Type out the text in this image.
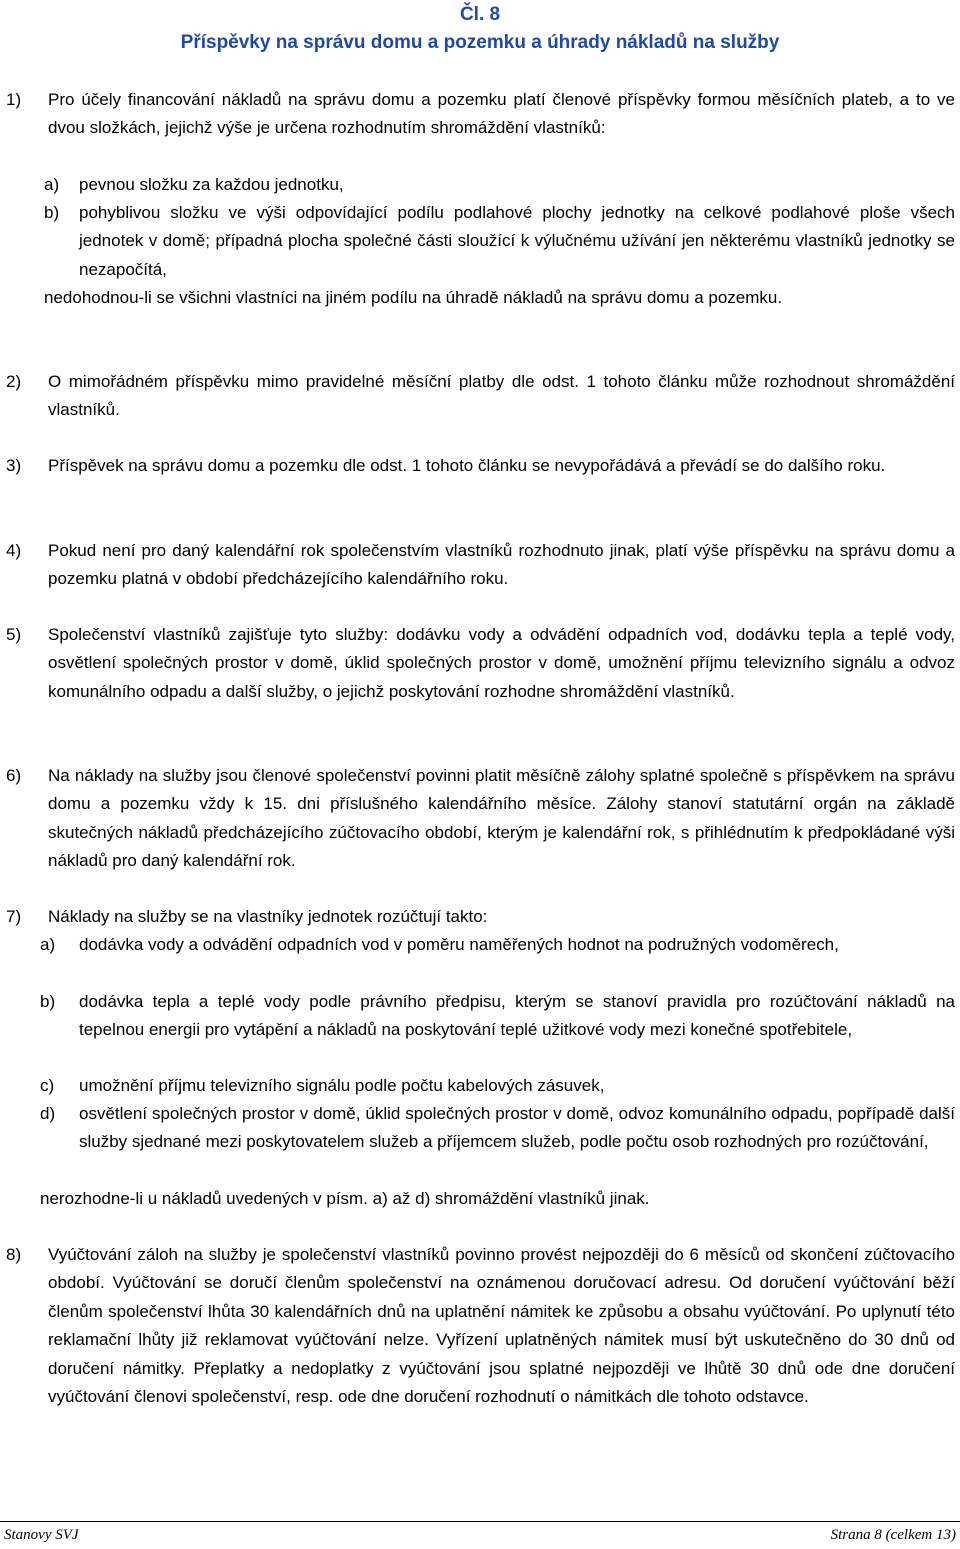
Čl. 8
Příspěvky na správu domu a pozemku a úhrady nákladů na služby
1) Pro účely financování nákladů na správu domu a pozemku platí členové příspěvky formou měsíčních plateb, a to ve dvou složkách, jejichž výše je určena rozhodnutím shromáždění vlastníků:

a) pevnou složku za každou jednotku,

b) pohyblivou složku ve výši odpovídající podílu podlahové plochy jednotky na celkové podlahové ploše všech jednotek v domě; případná plocha společné části sloužící k výlučnému užívání jen některému vlastníků jednotky se nezapočítá,

nedohodnou-li se všichni vlastníci na jiném podílu na úhradě nákladů na správu domu a pozemku.

2) O mimořádném příspěvku mimo pravidelné měsíční platby dle odst. 1 tohoto článku může rozhodnout shromáždění vlastníků.

3) Příspěvek na správu domu a pozemku dle odst. 1 tohoto článku se nevypořádává a převádí se do dalšího roku.

4) Pokud není pro daný kalendářní rok společenstvím vlastníků rozhodnuto jinak, platí výše příspěvku na správu domu a pozemku platná v období předcházejícího kalendářního roku.

5) Společenství vlastníků zajišťuje tyto služby: dodávku vody a odvádění odpadních vod, dodávku tepla a teplé vody, osvětlení společných prostor v domě, úklid společných prostor v domě, umožnění příjmu televizního signálu a odvoz komunálního odpadu a další služby, o jejichž poskytování rozhodne shromáždění vlastníků.

6) Na náklady na služby jsou členové společenství povinni platit měsíčně zálohy splatné společně s příspěvkem na správu domu a pozemku vždy k 15. dni příslušného kalendářního měsíce. Zálohy stanoví statutární orgán na základě skutečných nákladů předcházejícího zúčtovacího období, kterým je kalendářní rok, s přihlédnutím k předpokládané výši nákladů pro daný kalendářní rok.

7) Náklady na služby se na vlastníky jednotek rozúčtují takto:

a) dodávka vody a odvádění odpadních vod v poměru naměřených hodnot na podružných vodoměrech,

b) dodávka tepla a teplé vody podle právního předpisu, kterým se stanoví pravidla pro rozúčtování nákladů na tepelnou energii pro vytápění a nákladů na poskytování teplé užitkové vody mezi konečné spotřebitele,

c) umožnění příjmu televizního signálu podle počtu kabelových zásuvek,

d) osvětlení společných prostor v domě, úklid společných prostor v domě, odvoz komunálního odpadu, popřípadě další služby sjednané mezi poskytovatelem služeb a příjemcem služeb, podle počtu osob rozhodných pro rozúčtování,

nerozhodne-li u nákladů uvedených v písm. a) až d) shromáždění vlastníků jinak.

8) Vyúčtování záloh na služby je společenství vlastníků povinno provést nejpozději do 6 měsíců od skončení zúčtovacího období. Vyúčtování se doručí členům společenství na oznámenou doručovací adresu. Od doručení vyúčtování běží členům společenství lhůta 30 kalendářních dnů na uplatnění námitek ke způsobu a obsahu vyúčtování. Po uplynutí této reklamační lhůty již reklamovat vyúčtování nelze. Vyřízení uplatněných námitek musí být uskutečněno do 30 dnů od doručení námitky. Přeplatky a nedoplatky z vyúčtování jsou splatné nejpozději ve lhůtě 30 dnů ode dne doručení vyúčtování členovi společenství, resp. ode dne doručení rozhodnutí o námitkách dle tohoto odstavce.

Stanovy SVJ	Strana 8 (celkem 13)
